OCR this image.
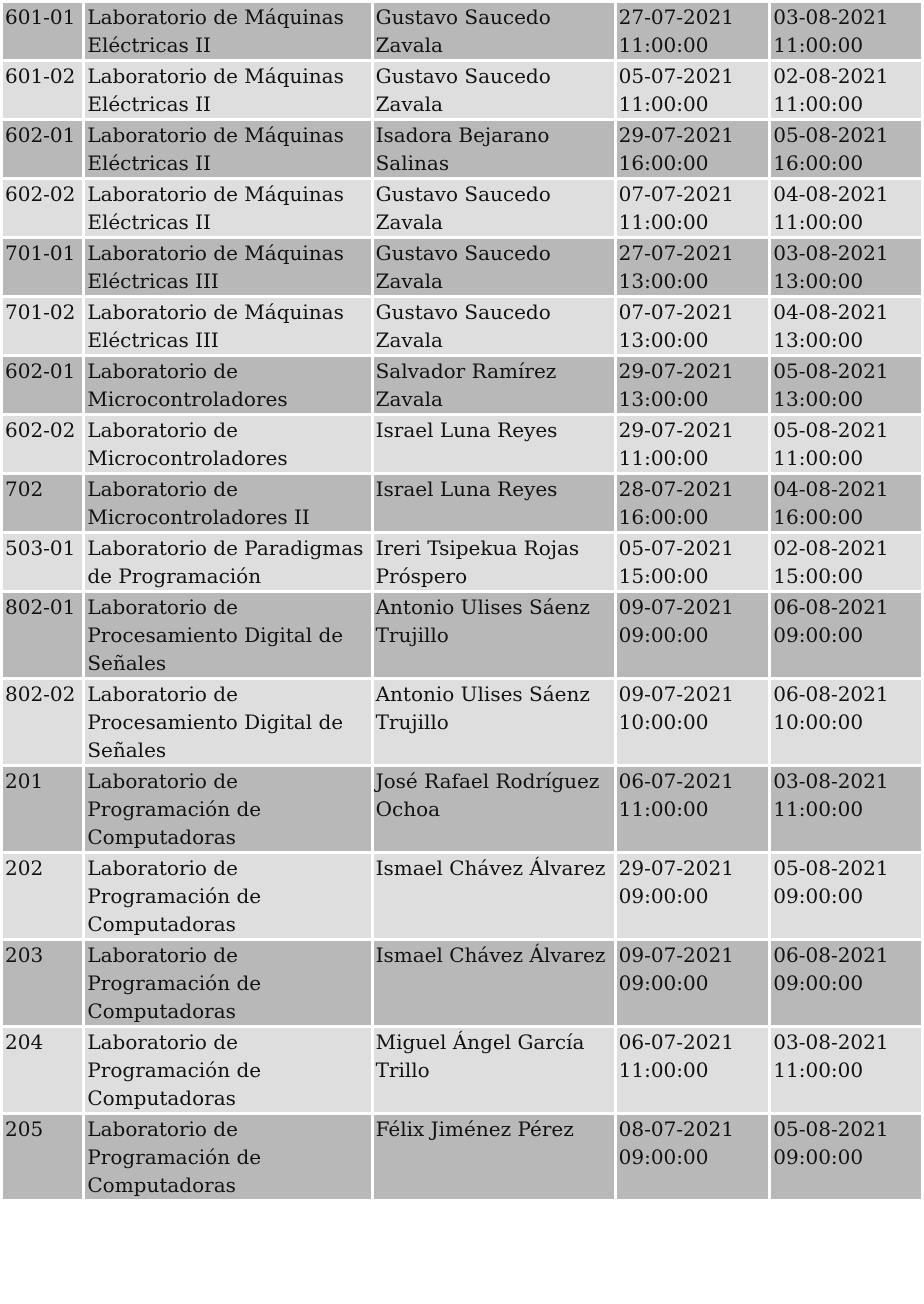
601-01	Laboratorio de Máquinas Eléctricas II	Gustavo Saucedo Zavala	27-07-2021 11:00:00	03-08-2021 11:00:00
601-02	Laboratorio de Máquinas Eléctricas II	Gustavo Saucedo Zavala	05-07-2021 11:00:00	02-08-2021 11:00:00
602-01	Laboratorio de Máquinas Eléctricas II	Isadora Bejarano Salinas	29-07-2021 16:00:00	05-08-2021 16:00:00
602-02	Laboratorio de Máquinas Eléctricas II	Gustavo Saucedo Zavala	07-07-2021 11:00:00	04-08-2021 11:00:00
701-01	Laboratorio de Máquinas Eléctricas III	Gustavo Saucedo Zavala	27-07-2021 13:00:00	03-08-2021 13:00:00
701-02	Laboratorio de Máquinas Eléctricas III	Gustavo Saucedo Zavala	07-07-2021 13:00:00	04-08-2021 13:00:00
602-01	Laboratorio de Microcontroladores	Salvador Ramírez Zavala	29-07-2021 13:00:00	05-08-2021 13:00:00
602-02	Laboratorio de Microcontroladores	Israel Luna Reyes	29-07-2021 11:00:00	05-08-2021 11:00:00
702	Laboratorio de Microcontroladores II	Israel Luna Reyes	28-07-2021 16:00:00	04-08-2021 16:00:00
503-01	Laboratorio de Paradigmas de Programación	Ireri Tsipekua Rojas Próspero	05-07-2021 15:00:00	02-08-2021 15:00:00
802-01	Laboratorio de Procesamiento Digital de Señales	Antonio Ulises Sáenz Trujillo	09-07-2021 09:00:00	06-08-2021 09:00:00
802-02	Laboratorio de Procesamiento Digital de Señales	Antonio Ulises Sáenz Trujillo	09-07-2021 10:00:00	06-08-2021 10:00:00
201	Laboratorio de Programación de Computadoras	José Rafael Rodríguez Ochoa	06-07-2021 11:00:00	03-08-2021 11:00:00
202	Laboratorio de Programación de Computadoras	Ismael Chávez Álvarez	29-07-2021 09:00:00	05-08-2021 09:00:00
203	Laboratorio de Programación de Computadoras	Ismael Chávez Álvarez	09-07-2021 09:00:00	06-08-2021 09:00:00
204	Laboratorio de Programación de Computadoras	Miguel Ángel García Trillo	06-07-2021 11:00:00	03-08-2021 11:00:00
205	Laboratorio de Programación de Computadoras	Félix Jiménez Pérez	08-07-2021 09:00:00	05-08-2021 09:00:00
